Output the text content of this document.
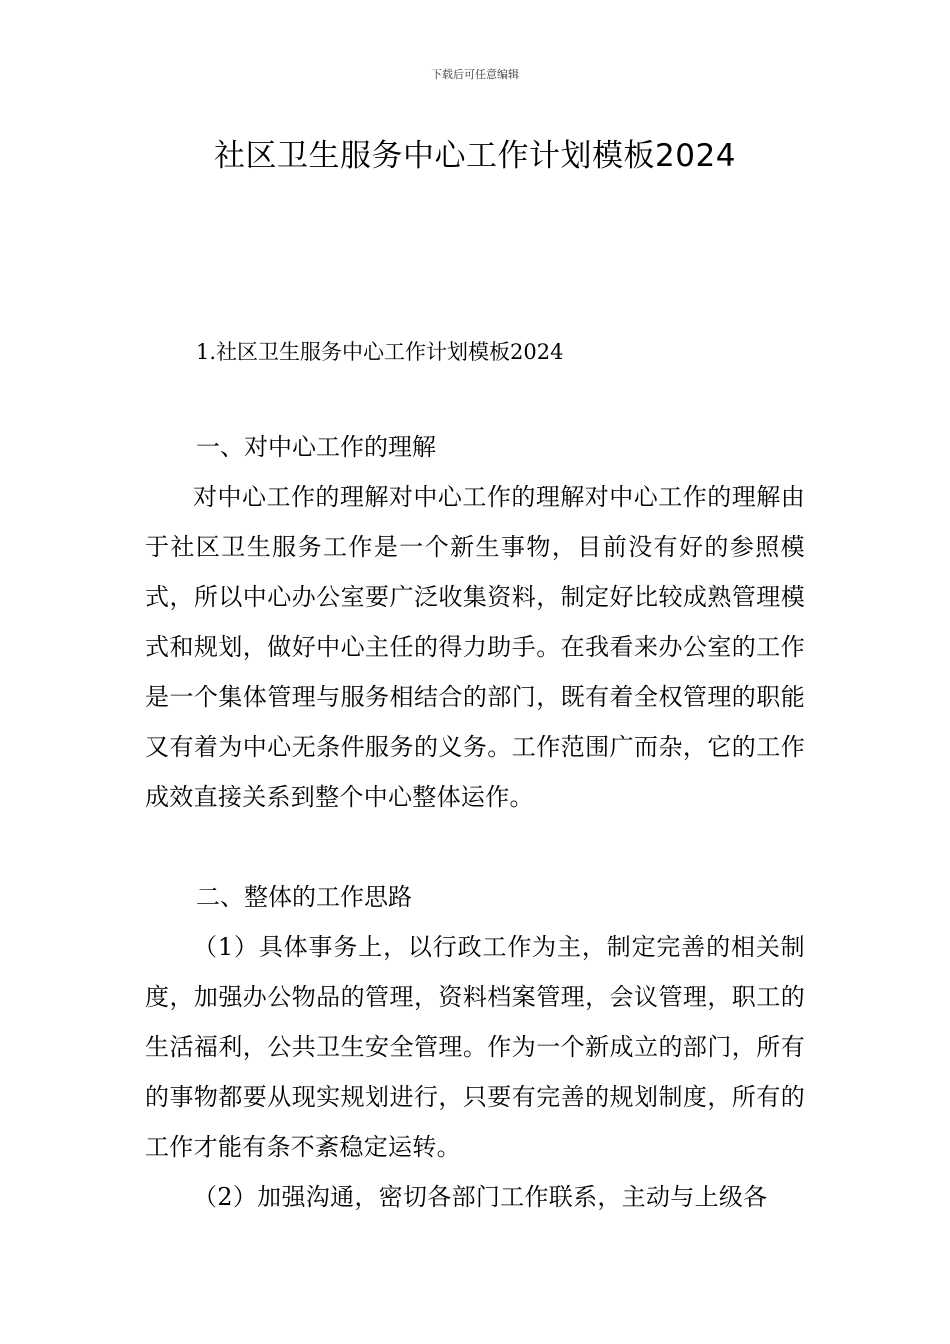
下载后可任意编辑
社区卫生服务中心工作计划模板2024
1.社区卫生服务中心工作计划模板2024
一、对中心工作的理解

对中心工作的理解对中心工作的理解对中心工作的理解由于社区卫生服务工作是一个新生事物，目前没有好的参照模式，所以中心办公室要广泛收集资料，制定好比较成熟管理模式和规划，做好中心主任的得力助手。在我看来办公室的工作是一个集体管理与服务相结合的部门，既有着全权管理的职能又有着为中心无条件服务的义务。工作范围广而杂，它的工作成效直接关系到整个中心整体运作。

二、整体的工作思路

（1）具体事务上，以行政工作为主，制定完善的相关制度，加强办公物品的管理，资料档案管理，会议管理，职工的生活福利，公共卫生安全管理。作为一个新成立的部门，所有的事物都要从现实规划进行，只要有完善的规划制度，所有的工作才能有条不紊稳定运转。

（2）加强沟通，密切各部门工作联系，主动与上级各
